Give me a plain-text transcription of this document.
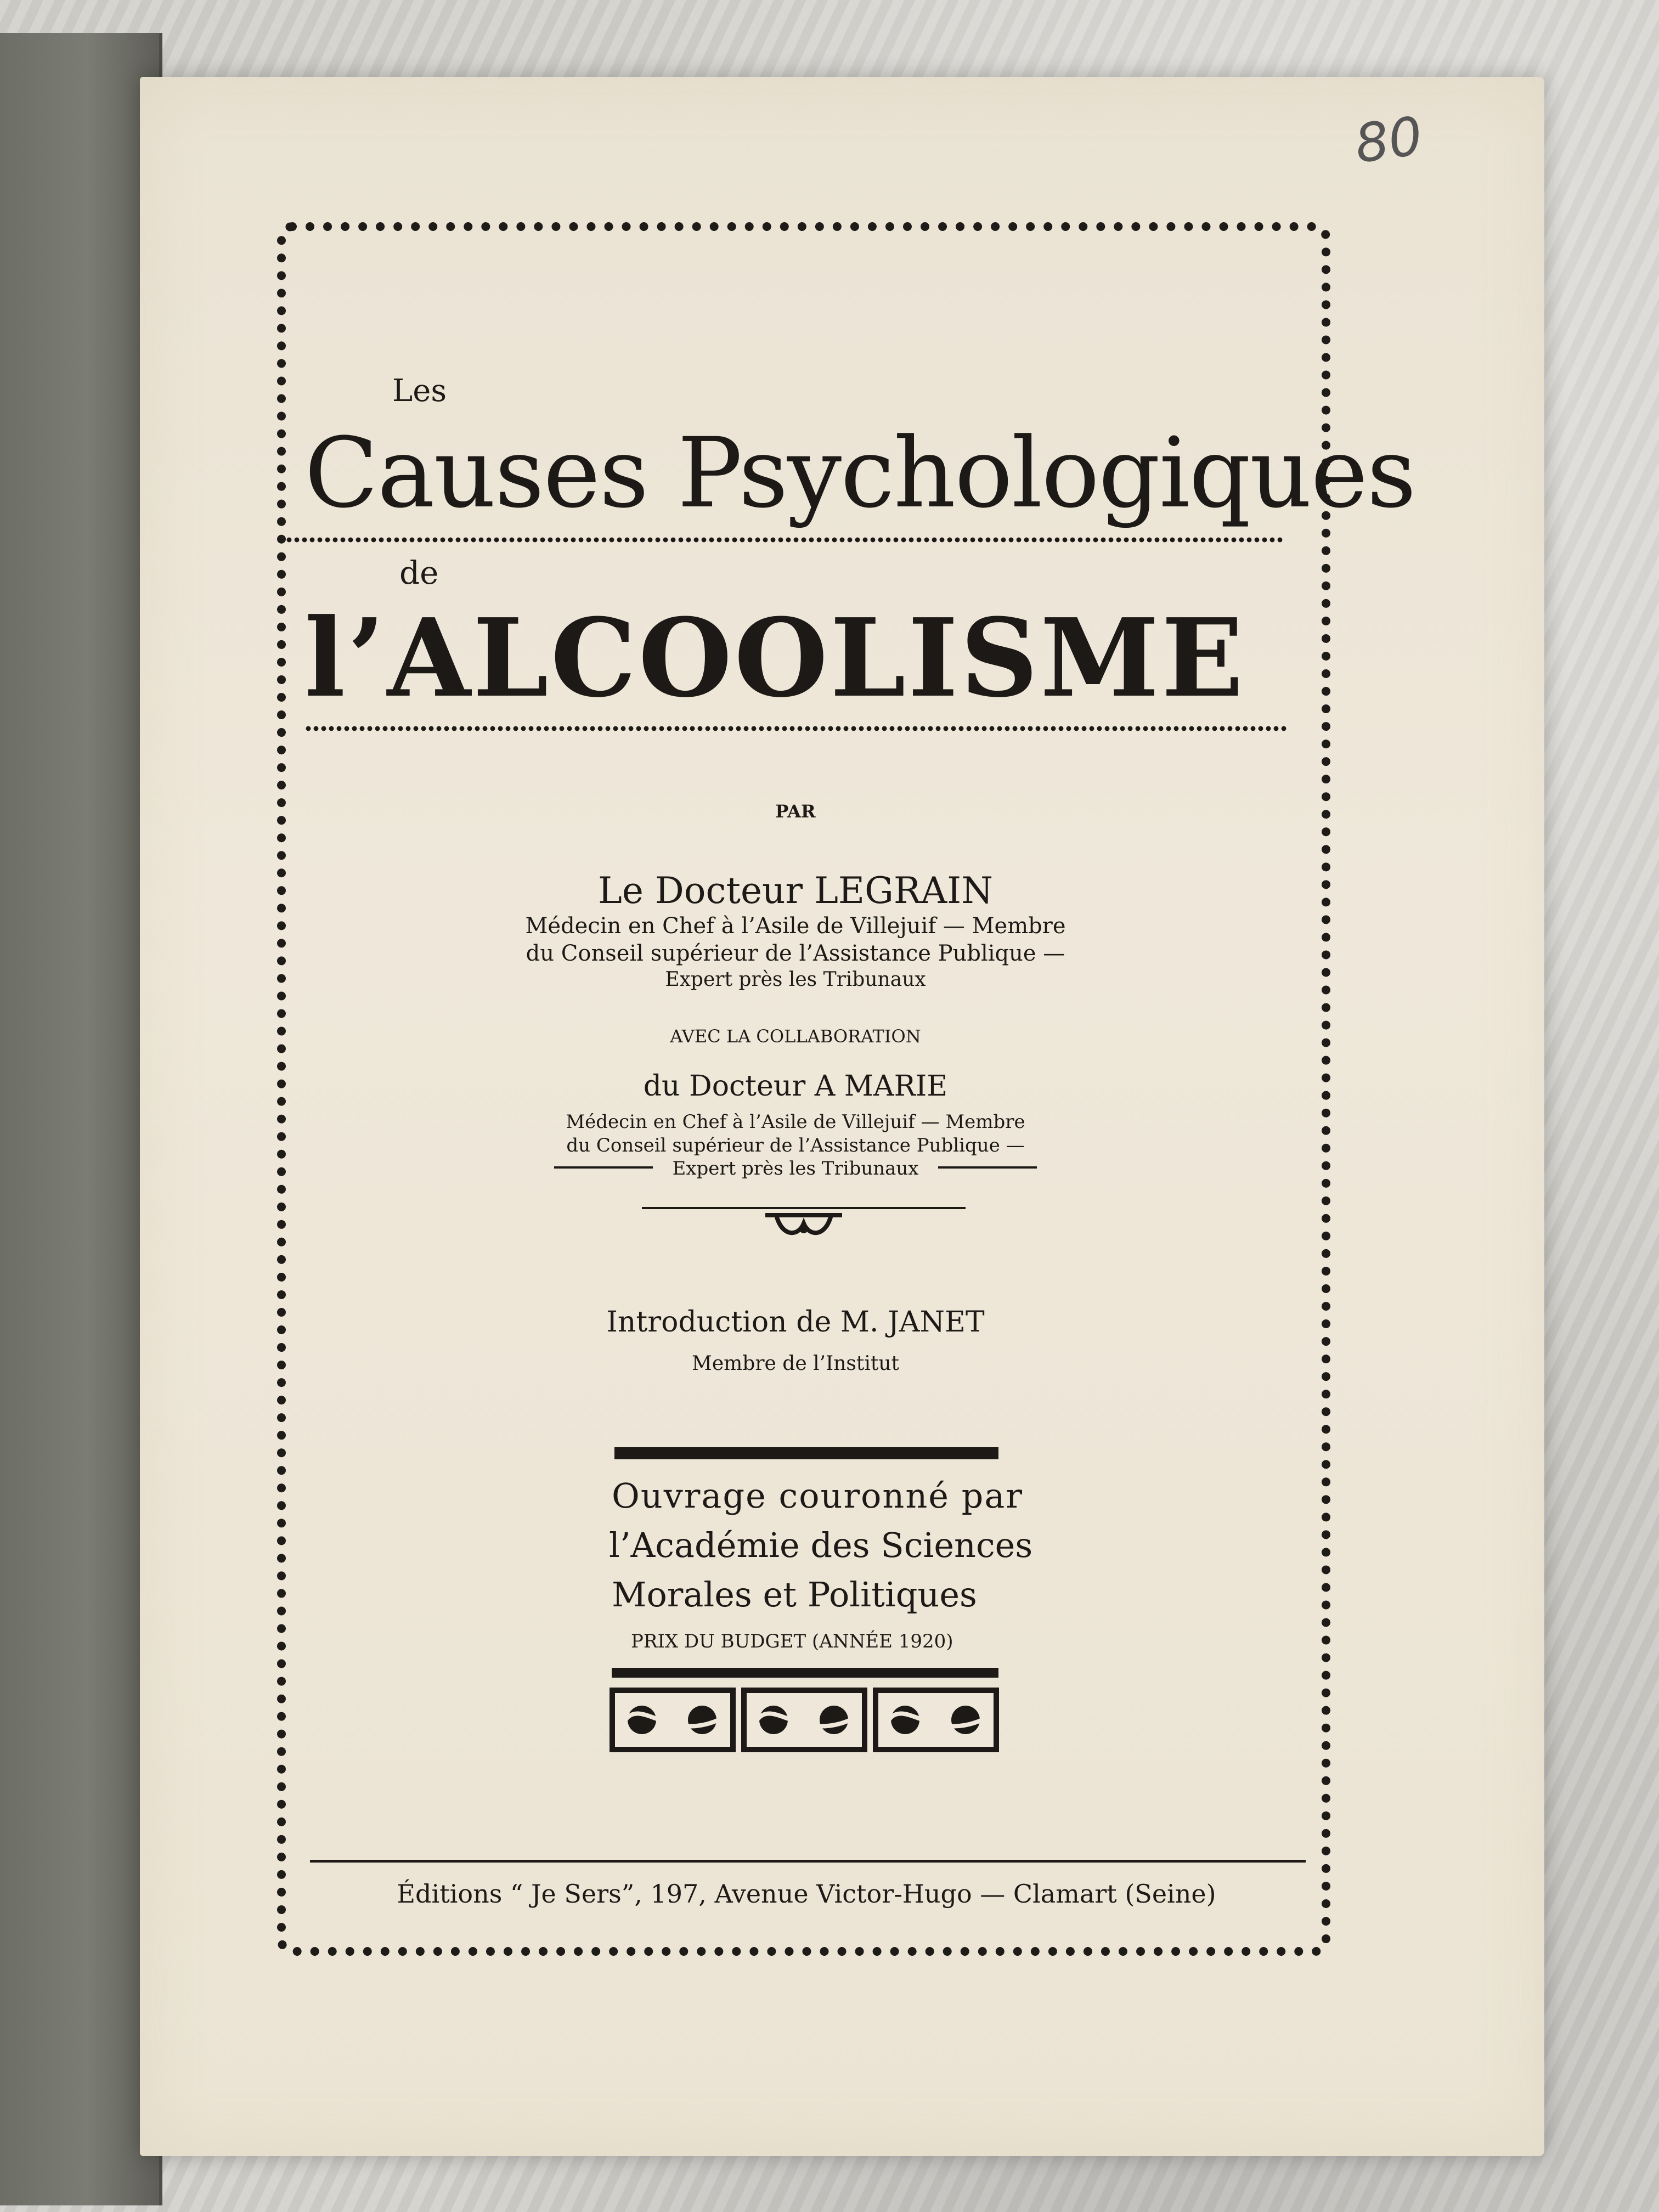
80
Les
Causes Psychologiques
de
l’ALCOOLISME
PAR
Le Docteur LEGRAIN
Médecin en Chef à l’Asile de Villejuif — Membre
du Conseil supérieur de l’Assistance Publique —
Expert près les Tribunaux
AVEC LA COLLABORATION
du Docteur A MARIE
Médecin en Chef à l’Asile de Villejuif — Membre
du Conseil supérieur de l’Assistance Publique —
Expert près les Tribunaux
Introduction de M. JANET
Membre de l’Institut
Ouvrage couronné par
l’Académie des Sciences
Morales et Politiques
PRIX DU BUDGET (ANNÉE 1920)
Éditions “ Je Sers”, 197, Avenue Victor-Hugo — Clamart (Seine)
